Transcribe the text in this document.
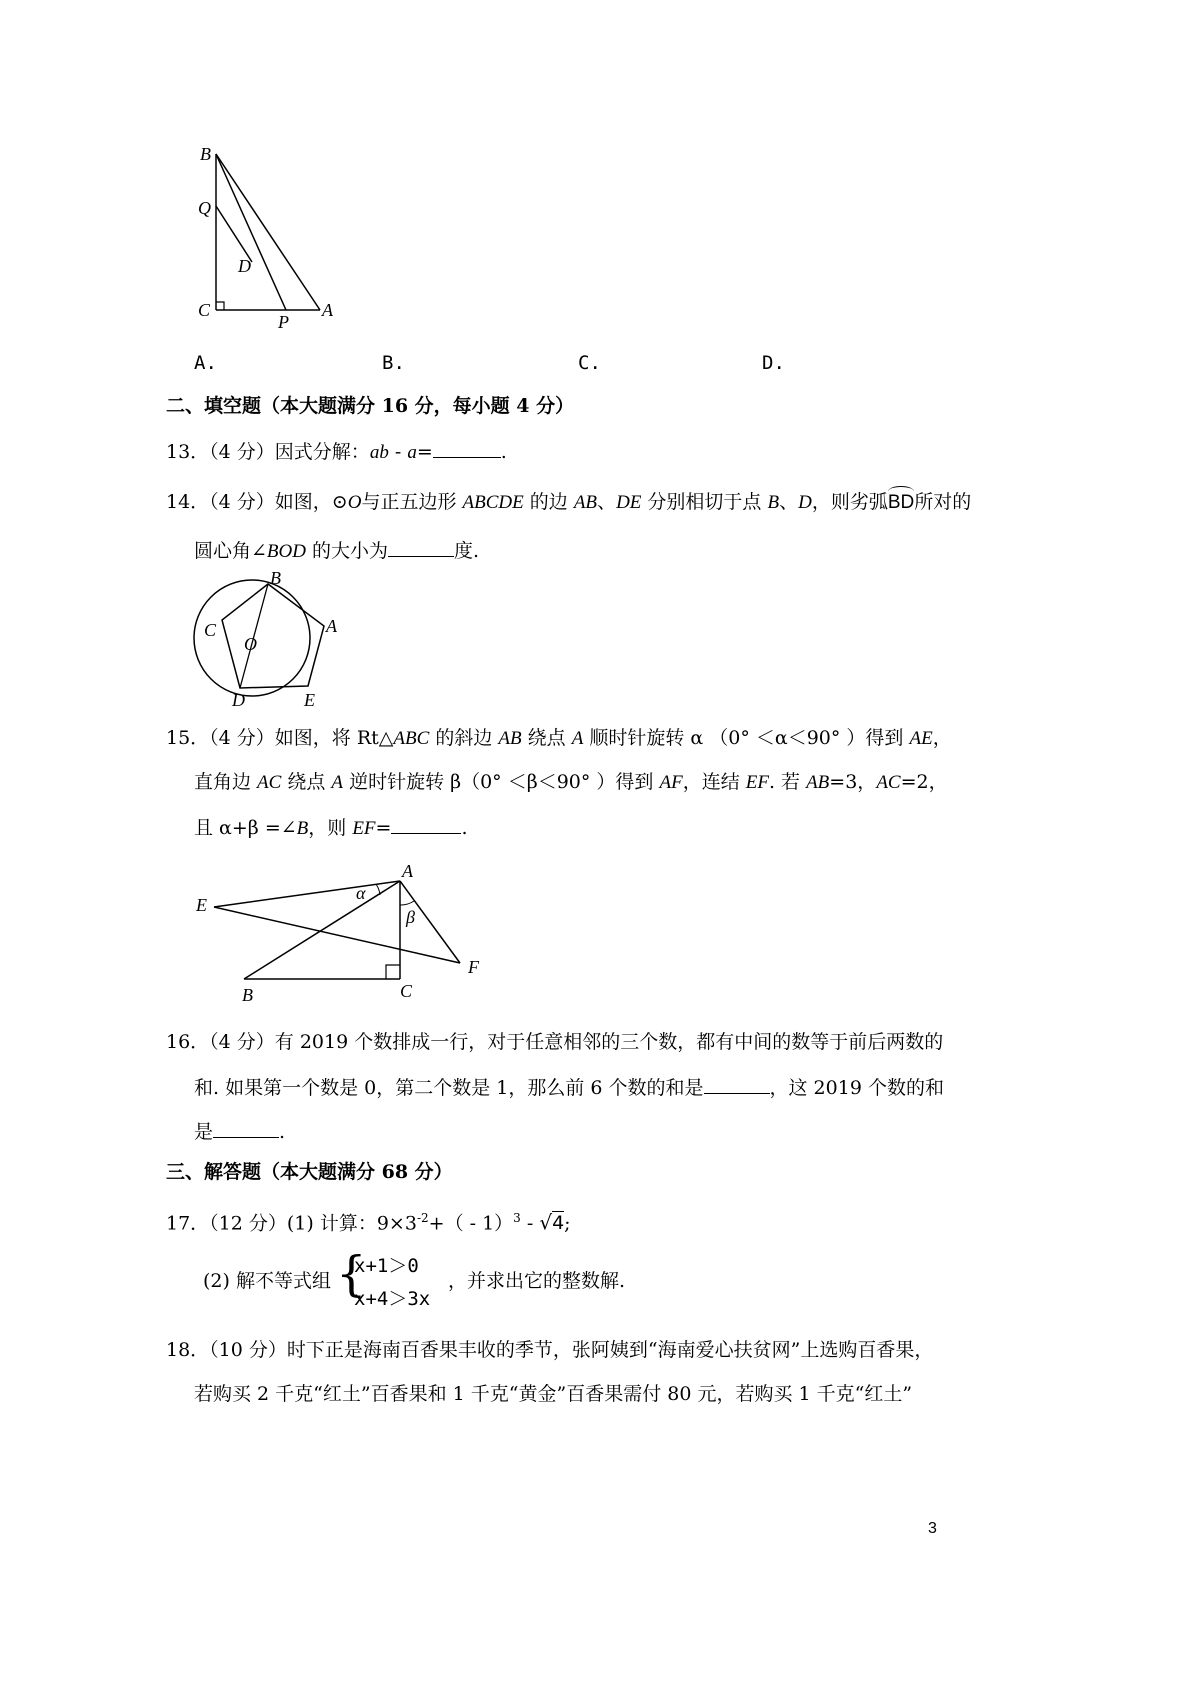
B
Q
D
C
P
A
A.	B.	C.	D.
二、填空题（本大题满分 16 分，每小题 4 分）
13．（4 分）因式分解：ab - a=	.
14．（4 分）如图，⊙O与正五边形 ABCDE 的边 AB、DE 分别相切于点 B、D，则劣弧BD所对的
圆心角∠BOD 的大小为	度.
B
C
O
A
D	E
15．（4 分）如图，将 Rt△ABC 的斜边 AB 绕点 A 顺时针旋转 α （0° ＜α＜90° ）得到 AE，
直角边 AC 绕点 A 逆时针旋转 β（0° ＜β＜90° ）得到 AF，连结 EF. 若 AB=3，AC=2，
且 α+β =∠B，则 EF=	.
E
α
A
β
F
B	C
16．（4 分）有 2019 个数排成一行，对于任意相邻的三个数，都有中间的数等于前后两数的
和. 如果第一个数是 0，第二个数是 1，那么前 6 个数的和是	，这 2019 个数的和
是	.
三、解答题（本大题满分 68 分）
17．（12 分）(1) 计算：$9\times 3^{-2}+( - 1)^3 - √4$;
(2) 解不等式组 {
x+1＞0
x+4＞3x
，并求出它的整数解.
18．（10 分）时下正是海南百香果丰收的季节，张阿姨到“海南爱心扶贫网”上选购百香果，
若购买 2 千克“红土”百香果和 1 千克“黄金”百香果需付 80 元，若购买 1 千克“红土”
3
